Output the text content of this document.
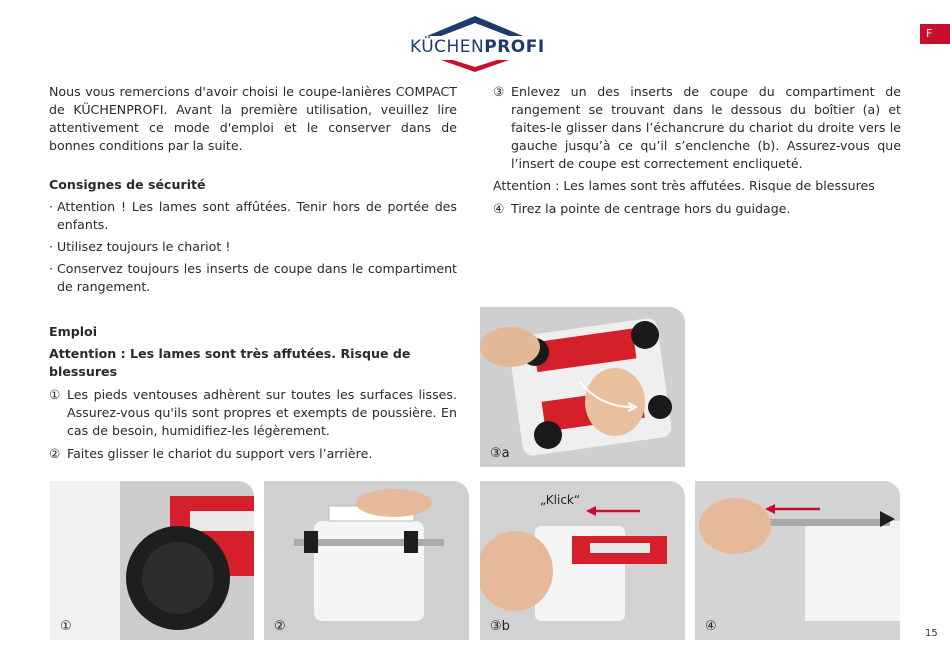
F
KÜCHENPROFI

Nous vous remercions d'avoir choisi le coupe-lanières COMPACT de KÜCHENPROFI. Avant la première utilisation, veuillez lire attentivement ce mode d'emploi et le conserver dans de bonnes conditions par la suite.

Consignes de sécurité

· Attention ! Les lames sont affûtées. Tenir hors de portée des enfants.
· Utilisez toujours le chariot !
· Conservez toujours les inserts de coupe dans le compartiment de rangement.

Emploi

Attention : Les lames sont très affutées. Risque de blessures

① Les pieds ventouses adhèrent sur toutes les surfaces lisses. Assurez-vous qu'ils sont propres et exempts de poussière. En cas de besoin, humidifiez-les légèrement.
② Faites glisser le chariot du support vers l’arrière.
③ Enlevez un des inserts de coupe du compartiment de rangement se trouvant dans le dessous du boîtier (a) et faites-le glisser dans l’échancrure du chariot du droite vers le gauche jusqu’à ce qu’il s’enclenche (b). Assurez-vous que l’insert de coupe est correctement encliqueté.

Attention : Les lames sont très affutées. Risque de blessures

④ Tirez la pointe de centrage hors du guidage.
③a
①	②
„Klick“
③b	④	15
